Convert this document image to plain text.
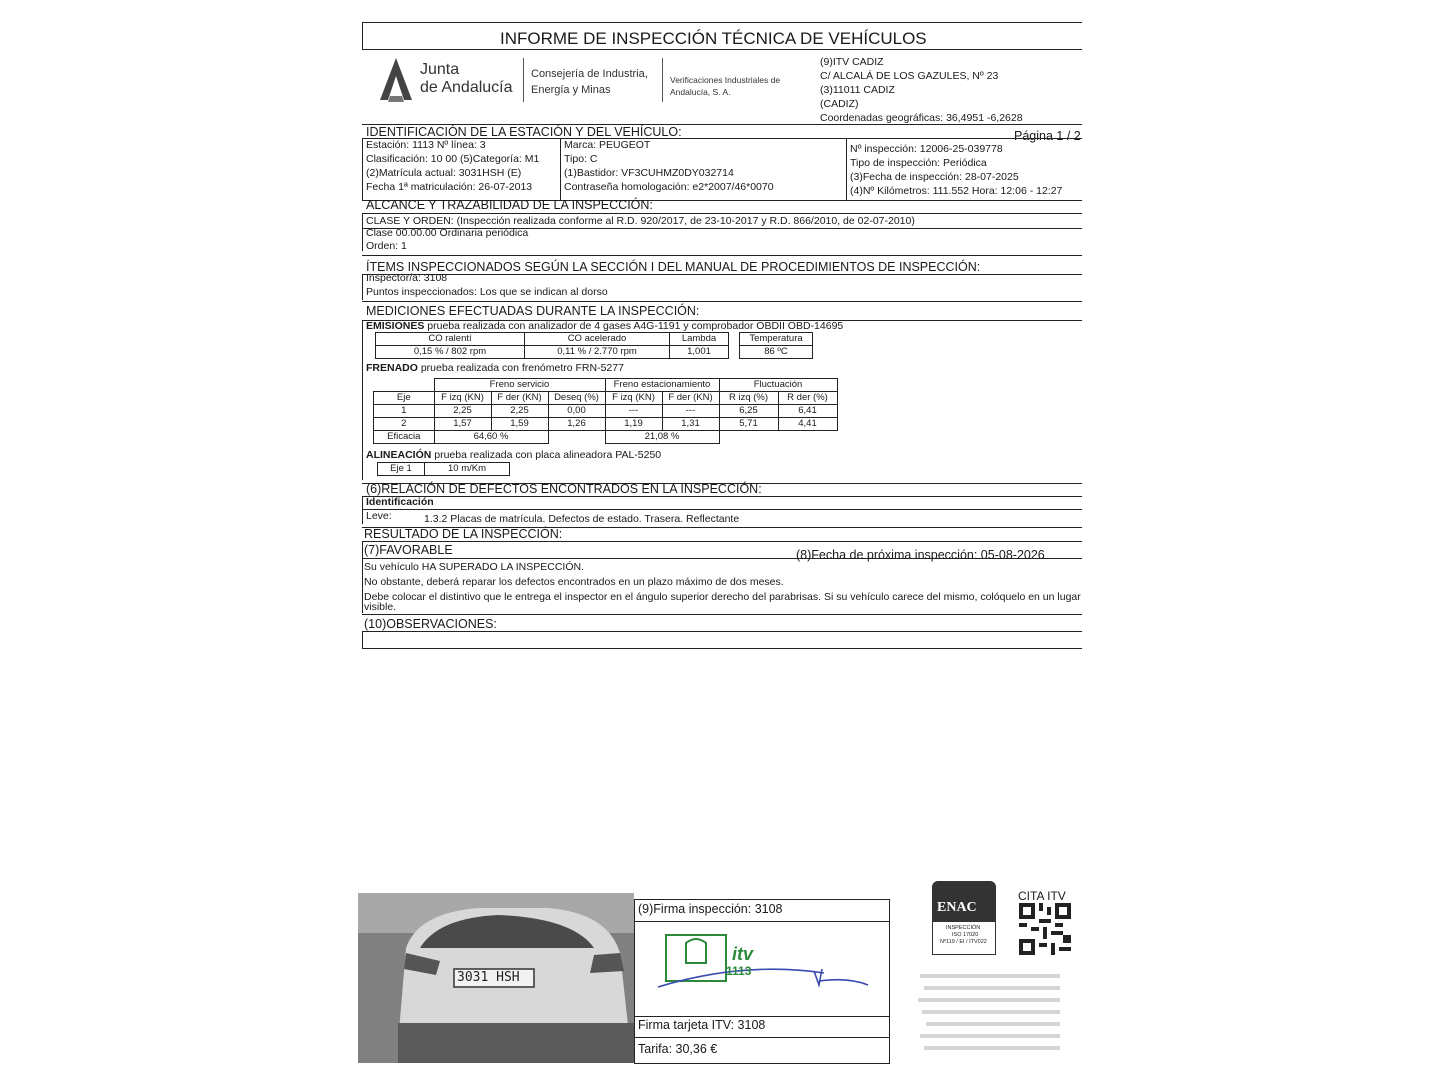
INFORME DE INSPECCIÓN TÉCNICA DE VEHÍCULOS
Junta
de Andalucía
Consejería de Industria,
Energía y Minas
Verificaciones Industriales de
Andalucía, S. A.
(9)ITV CADIZ
C/ ALCALÁ DE LOS GAZULES, Nº 23
(3)11011 CADIZ
(CADIZ)
Coordenadas geográficas: 36,4951 -6,2628
IDENTIFICACIÓN DE LA ESTACIÓN Y DEL VEHÍCULO:	Página 1 / 2
Estación: 1113 Nº línea: 3
Clasificación: 10 00 (5)Categoría: M1
(2)Matrícula actual: 3031HSH (E)
Fecha 1ª matriculación: 26-07-2013
Marca: PEUGEOT
Tipo: C
(1)Bastidor: VF3CUHMZ0DY032714
Contraseña homologación: e2*2007/46*0070
Nº inspección: 12006-25-039778
Tipo de inspección: Periódica
(3)Fecha de inspección: 28-07-2025
(4)Nº Kilómetros: 111.552 Hora: 12:06 - 12:27
ALCANCE Y TRAZABILIDAD DE LA INSPECCIÓN:
CLASE Y ORDEN: (Inspección realizada conforme al R.D. 920/2017, de 23-10-2017 y R.D. 866/2010, de 02-07-2010)
Clase 00.00.00 Ordinaria periódica
Orden: 1
ÍTEMS INSPECCIONADOS SEGÚN LA SECCIÓN I DEL MANUAL DE PROCEDIMIENTOS DE INSPECCIÓN:
Inspector/a: 3108
Puntos inspeccionados: Los que se indican al dorso
MEDICIONES EFECTUADAS DURANTE LA INSPECCIÓN:
EMISIONES prueba realizada con analizador de 4 gases A4G-1191 y comprobador OBDII OBD-14695
CO ralentí	CO acelerado	Lambda		Temperatura
0,15 % / 802 rpm	0,11 % / 2.770 rpm	1,001		86 ºC
FRENADO prueba realizada con frenómetro FRN-5277
	Freno servicio			Freno estacionamiento		Fluctuación	
Eje	F izq (KN)	F der (KN)	Deseq (%)	F izq (KN)	F der (KN)	R izq (%)	R der (%)
1	2,25	2,25	0,00	---	---	6,25	6,41
2	1,57	1,59	1,26	1,19	1,31	5,71	4,41
Eficacia	64,60 %			21,08 %			
ALINEACIÓN prueba realizada con placa alineadora PAL-5250
Eje 1	10 m/Km
(6)RELACIÓN DE DEFECTOS ENCONTRADOS EN LA INSPECCIÓN:
Identificación
Leve:	1.3.2 Placas de matrícula. Defectos de estado. Trasera. Reflectante
RESULTADO DE LA INSPECCIÓN:
(7)FAVORABLE	(8)Fecha de próxima inspección: 05-08-2026
Su vehículo HA SUPERADO LA INSPECCIÓN.
No obstante, deberá reparar los defectos encontrados en un plazo máximo de dos meses.
Debe colocar el distintivo que le entrega el inspector en el ángulo superior derecho del parabrisas. Si su vehículo carece del mismo, colóquelo en un lugar
visible.
(10)OBSERVACIONES:
3031 HSH
(9)Firma inspección: 3108
itv
1113
Firma tarjeta ITV: 3108
Tarifa: 30,36 €
ENAC
INSPECCIÓN
ISO 17020
Nº119 / EI / ITV022
CITA ITV
